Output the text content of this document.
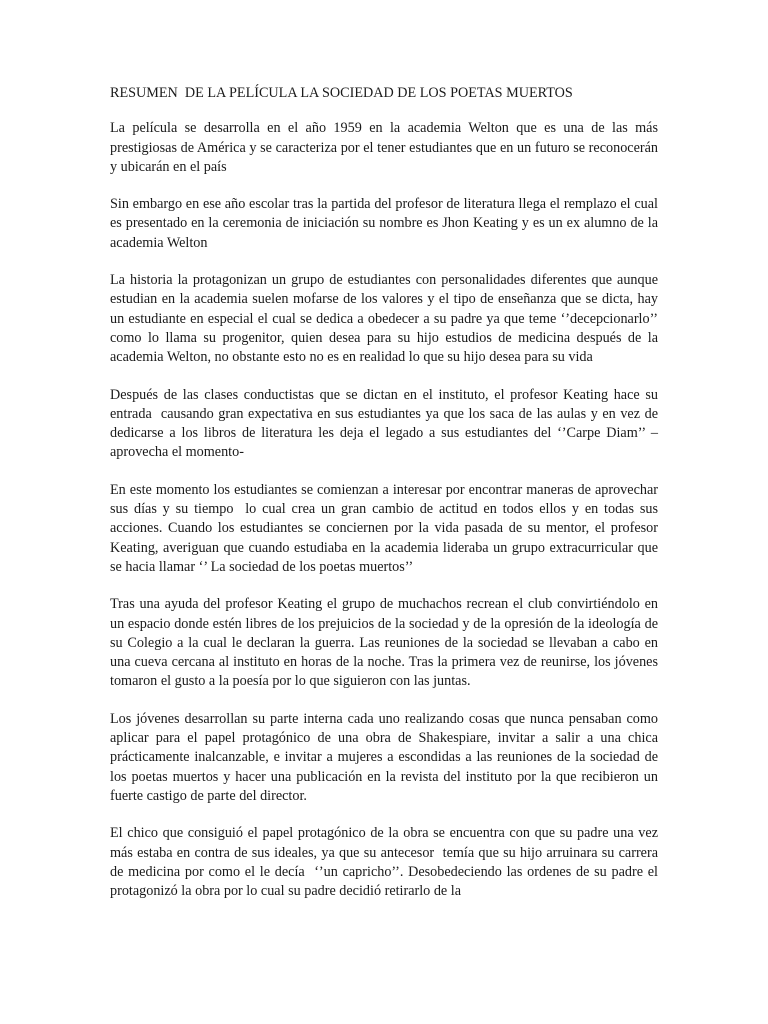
RESUMEN  DE LA PELÍCULA LA SOCIEDAD DE LOS POETAS MUERTOS

La película se desarrolla en el año 1959 en la academia Welton que es una de las más prestigiosas de América y se caracteriza por el tener estudiantes que en un futuro se reconocerán y ubicarán en el país

Sin embargo en ese año escolar tras la partida del profesor de literatura llega el remplazo el cual es presentado en la ceremonia de iniciación su nombre es Jhon Keating y es un ex alumno de la academia Welton

La historia la protagonizan un grupo de estudiantes con personalidades diferentes que aunque estudian en la academia suelen mofarse de los valores y el tipo de enseñanza que se dicta, hay un estudiante en especial el cual se dedica a obedecer a su padre ya que teme ‘’decepcionarlo’’ como lo llama su progenitor, quien desea para su hijo estudios de medicina después de la academia Welton, no obstante esto no es en realidad lo que su hijo desea para su vida

Después de las clases conductistas que se dictan en el instituto, el profesor Keating hace su entrada  causando gran expectativa en sus estudiantes ya que los saca de las aulas y en vez de dedicarse a los libros de literatura les deja el legado a sus estudiantes del ‘’Carpe Diam’’ –aprovecha el momento-

En este momento los estudiantes se comienzan a interesar por encontrar maneras de aprovechar sus días y su tiempo  lo cual crea un gran cambio de actitud en todos ellos y en todas sus acciones. Cuando los estudiantes se conciernen por la vida pasada de su mentor, el profesor Keating, averiguan que cuando estudiaba en la academia lideraba un grupo extracurricular que se hacia llamar ‘’ La sociedad de los poetas muertos’’

Tras una ayuda del profesor Keating el grupo de muchachos recrean el club convirtiéndolo en un espacio donde estén libres de los prejuicios de la sociedad y de la opresión de la ideología de su Colegio a la cual le declaran la guerra. Las reuniones de la sociedad se llevaban a cabo en una cueva cercana al instituto en horas de la noche. Tras la primera vez de reunirse, los jóvenes tomaron el gusto a la poesía por lo que siguieron con las juntas.

Los jóvenes desarrollan su parte interna cada uno realizando cosas que nunca pensaban como aplicar para el papel protagónico de una obra de Shakespiare, invitar a salir a una chica prácticamente inalcanzable, e invitar a mujeres a escondidas a las reuniones de la sociedad de los poetas muertos y hacer una publicación en la revista del instituto por la que recibieron un fuerte castigo de parte del director.

El chico que consiguió el papel protagónico de la obra se encuentra con que su padre una vez más estaba en contra de sus ideales, ya que su antecesor  temía que su hijo arruinara su carrera de medicina por como el le decía  ‘’un capricho’’. Desobedeciendo las ordenes de su padre el protagonizó la obra por lo cual su padre decidió retirarlo de la
